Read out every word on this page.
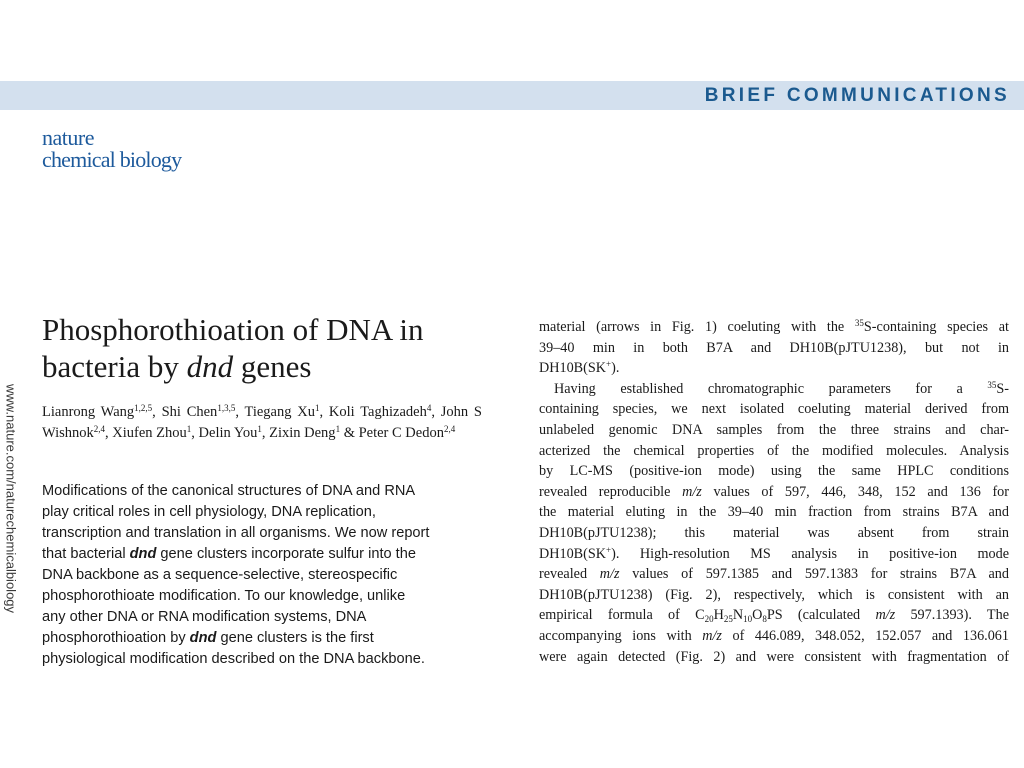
BRIEF COMMUNICATIONS
nature
chemical biology
www.nature.com/naturechemicalbiology
Phosphorothioation of DNA in
bacteria by dnd genes
Lianrong Wang$^{1,2,5}$, Shi Chen$^{1,3,5}$, Tiegang Xu$^1$, Koli Taghizadeh$^4$, John S Wishnok$^{2,4}$, Xiufen Zhou$^1$, Delin You$^1$, Zixin Deng$^1$ & Peter C Dedon$^{2,4}$
Modifications of the canonical structures of DNA and RNA
play critical roles in cell physiology, DNA replication,
transcription and translation in all organisms. We now report
that bacterial dnd gene clusters incorporate sulfur into the
DNA backbone as a sequence-selective, stereospecific
phosphorothioate modification. To our knowledge, unlike
any other DNA or RNA modification systems, DNA
phosphorothioation by dnd gene clusters is the first
physiological modification described on the DNA backbone.
material (arrows in Fig. 1) coeluting with the $^{35}$S-containing species at
39–40 min in both B7A and DH10B(pJTU1238), but not in
DH10B(SK+).
Having established chromatographic parameters for a $^{35}$S-
containing species, we next isolated coeluting material derived from
unlabeled genomic DNA samples from the three strains and char-
acterized the chemical properties of the modified molecules. Analysis
by LC-MS (positive-ion mode) using the same HPLC conditions
revealed reproducible m/z values of 597, 446, 348, 152 and 136 for
the material eluting in the 39–40 min fraction from strains B7A and
DH10B(pJTU1238); this material was absent from strain
DH10B(SK+). High-resolution MS analysis in positive-ion mode
revealed m/z values of 597.1385 and 597.1383 for strains B7A and
DH10B(pJTU1238) (Fig. 2), respectively, which is consistent with an
empirical formula of $C_{20}H_{25}N_{10}O_8PS$ (calculated m/z 597.1393). The
accompanying ions with m/z of 446.089, 348.052, 152.057 and 136.061
were again detected (Fig. 2) and were consistent with fragmentation of
